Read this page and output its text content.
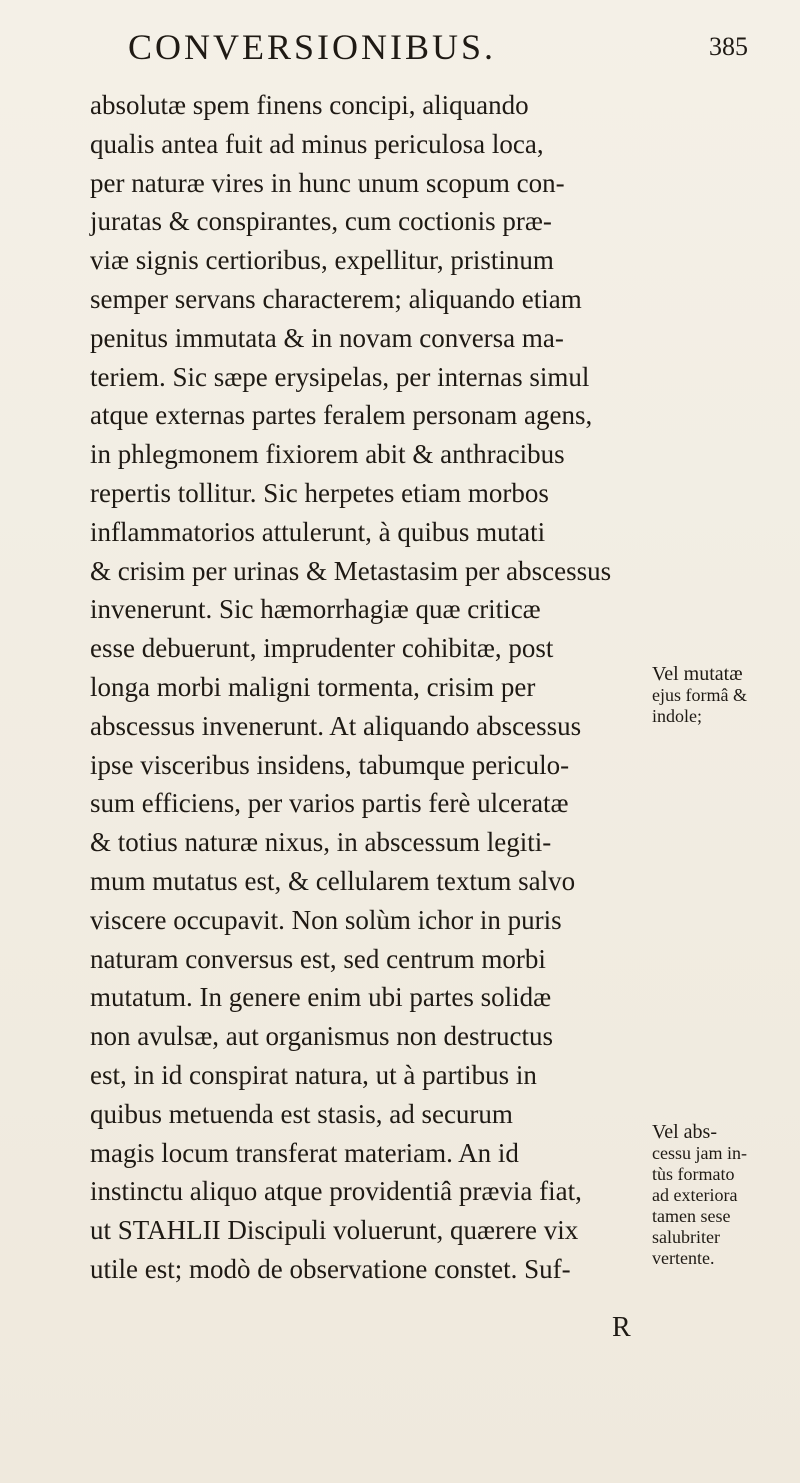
CONVERSIONIBUS.	385
absolutæ spem finens concipi, aliquando
qualis antea fuit ad minus periculosa loca,
per naturæ vires in hunc unum scopum con-
juratas & conspirantes, cum coctionis præ-
viæ signis certioribus, expellitur, pristinum
semper servans characterem; aliquando etiam
penitus immutata & in novam conversa ma-
teriem. Sic sæpe erysipelas, per internas simul
atque externas partes feralem personam agens,
in phlegmonem fixiorem abit & anthracibus
repertis tollitur. Sic herpetes etiam morbos
inflammatorios attulerunt, à quibus mutati
& crisim per urinas & Metastasim per abscessus
invenerunt. Sic hæmorrhagiæ quæ criticæ
esse debuerunt, imprudenter cohibitæ, post
longa morbi maligni tormenta, crisim per
abscessus invenerunt. At aliquando abscessus
ipse visceribus insidens, tabumque periculo-
sum efficiens, per varios partis ferè ulceratæ
& totius naturæ nixus, in abscessum legiti-
mum mutatus est, & cellularem textum salvo
viscere occupavit. Non solùm ichor in puris
naturam conversus est, sed centrum morbi
mutatum. In genere enim ubi partes solidæ
non avulsæ, aut organismus non destructus
est, in id conspirat natura, ut à partibus in
quibus metuenda est stasis, ad securum
magis locum transferat materiam. An id
instinctu aliquo atque providentiâ prævia fiat,
ut STAHLII Discipuli voluerunt, quærere vix
utile est; modò de observatione constet. Suf-
R
Vel mutatæ
ejus formâ &
indole;
Vel abs-
cessu jam in-
tùs formato
ad exteriora
tamen sese
salubriter
vertente.
